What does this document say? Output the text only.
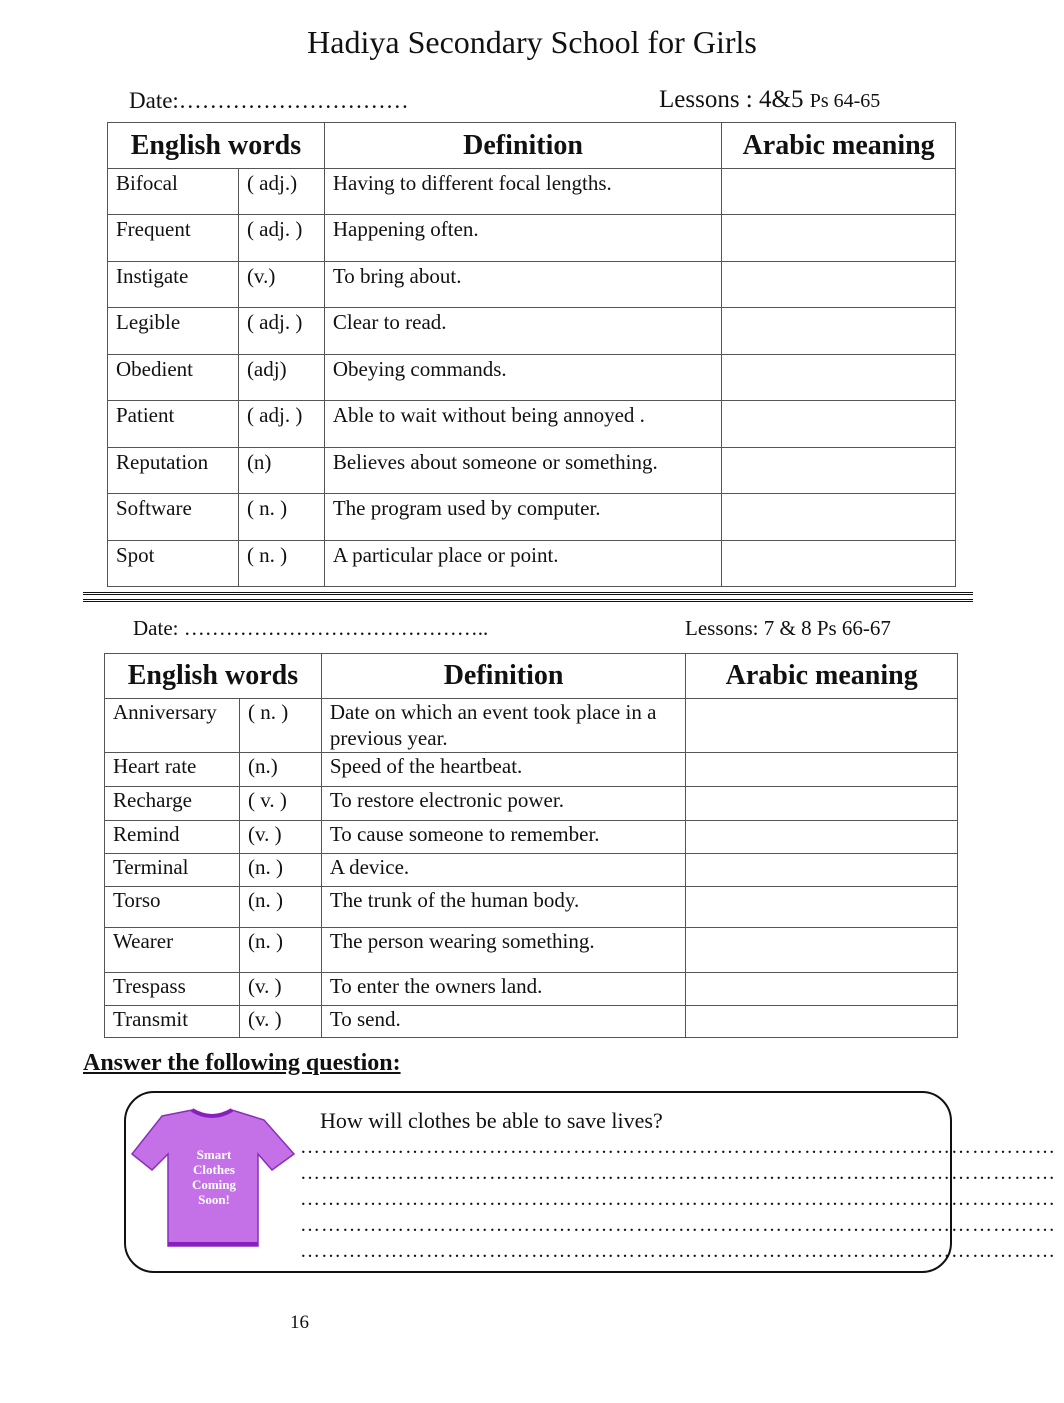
Hadiya Secondary School for Girls
Date:…………………………	Lessons : 4&5 Ps 64-65
English words		Definition	Arabic meaning
Bifocal	( adj.)	Having to different focal lengths.	
Frequent	( adj. )	Happening often.	
Instigate	(v.)	To bring about.	
Legible	( adj. )	Clear to read.	
Obedient	(adj)	Obeying commands.	
Patient	( adj. )	Able to wait without being annoyed .	
Reputation	(n)	Believes about someone or something.	
Software	( n. )	The program used by computer.	
Spot	( n. )	A particular place or point.	
Date: ……………………………………..	Lessons: 7 & 8 Ps 66-67
English words		Definition	Arabic meaning
Anniversary	( n. )	Date on which an event took place in a previous year.	
Heart rate	(n.)	Speed of the heartbeat.	
Recharge	( v. )	To restore electronic power.	
Remind	(v. )	To cause someone to remember.	
Terminal	(n. )	A device.	
Torso	(n. )	The trunk of the human body.	
Wearer	(n. )	The person wearing something.	
Trespass	(v. )	To enter the owners land.	
Transmit	(v. )	To send.	
Answer the following question:
Smart
Clothes
Coming
Soon!
How will clothes be able to save lives?
………………………………………………………………………………………………
………………………………………………………………………………………………
………………………………………………………………………………………………
………………………………………………………………………………………………
………………………………………………………………………………………………
16
